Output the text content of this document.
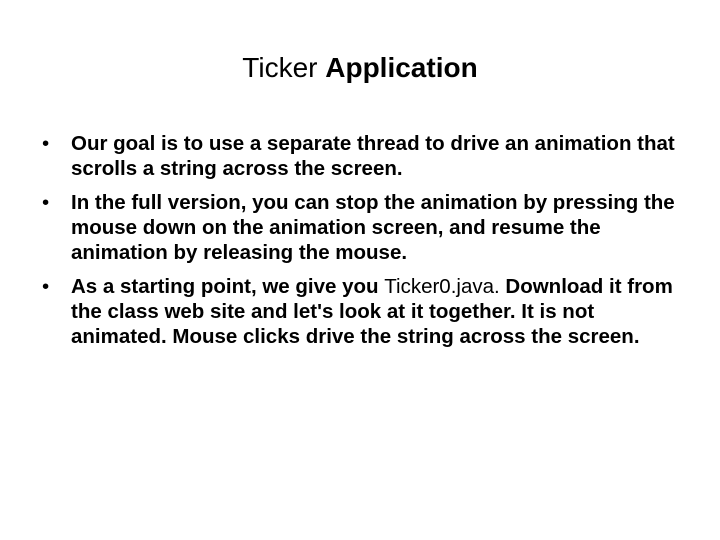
Ticker Application
• Our goal is to use a separate thread to drive an animation that scrolls a string across the screen.
• In the full version, you can stop the animation by pressing the mouse down on the animation screen, and resume the animation by releasing the mouse.
• As a starting point, we give you Ticker0.java. Download it from the class web site and let's look at it together. It is not animated. Mouse clicks drive the string across the screen.
